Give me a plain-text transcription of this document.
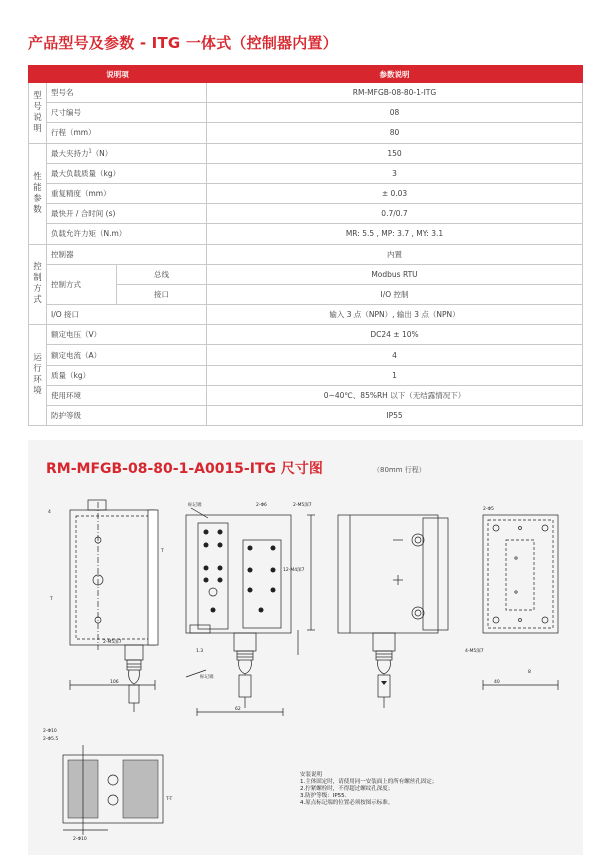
产品型号及参数 - ITG 一体式（控制器内置）
说明项			参数说明

型号说明	型号名		RM-MFGB-08-80-1-ITG
	尺寸编号		08
	行程（mm）		80

性能参数	最大夹持力$^1$（N）		150
	最大负载质量（kg）		3
	重复精度（mm）		± 0.03
	最快开 / 合时间 (s)		0.7/0.7
	负载允许力矩（N.m）		MR: 5.5 , MP: 3.7 , MY: 3.1

控制方式	控制器		内置
	控制方式	总线	Modbus RTU
		接口	I/O 控制
	I/O 接口		输入 3 点（NPN）, 输出 3 点（NPN）

运行环境	额定电压（V）		DC24 ± 10%
	额定电流（A）		4
	质量（kg）		1
	使用环境		0~40℃、85%RH 以下（无结露情况下）
	防护等级		IP55
RM-MFGB-08-80-1-A0015-ITG 尺寸图	（80mm 行程）
106
4
T
T
2-M5深7
62
标记端	2-Φ6	2-M5深7
12-M4深7
1.3
标记端
2-Φ5
4-M5深7
40
8
2-Φ10
2-Φ5.5
T-T
2-Φ10
安装说明
1.主体固定时，请使用同一安装面上的所有螺丝孔固定；
2.拧紧螺栓时，不得超过螺纹孔深度；
3.防护等级：IP55.
4.原点标记端的位置必须按图示标准。
